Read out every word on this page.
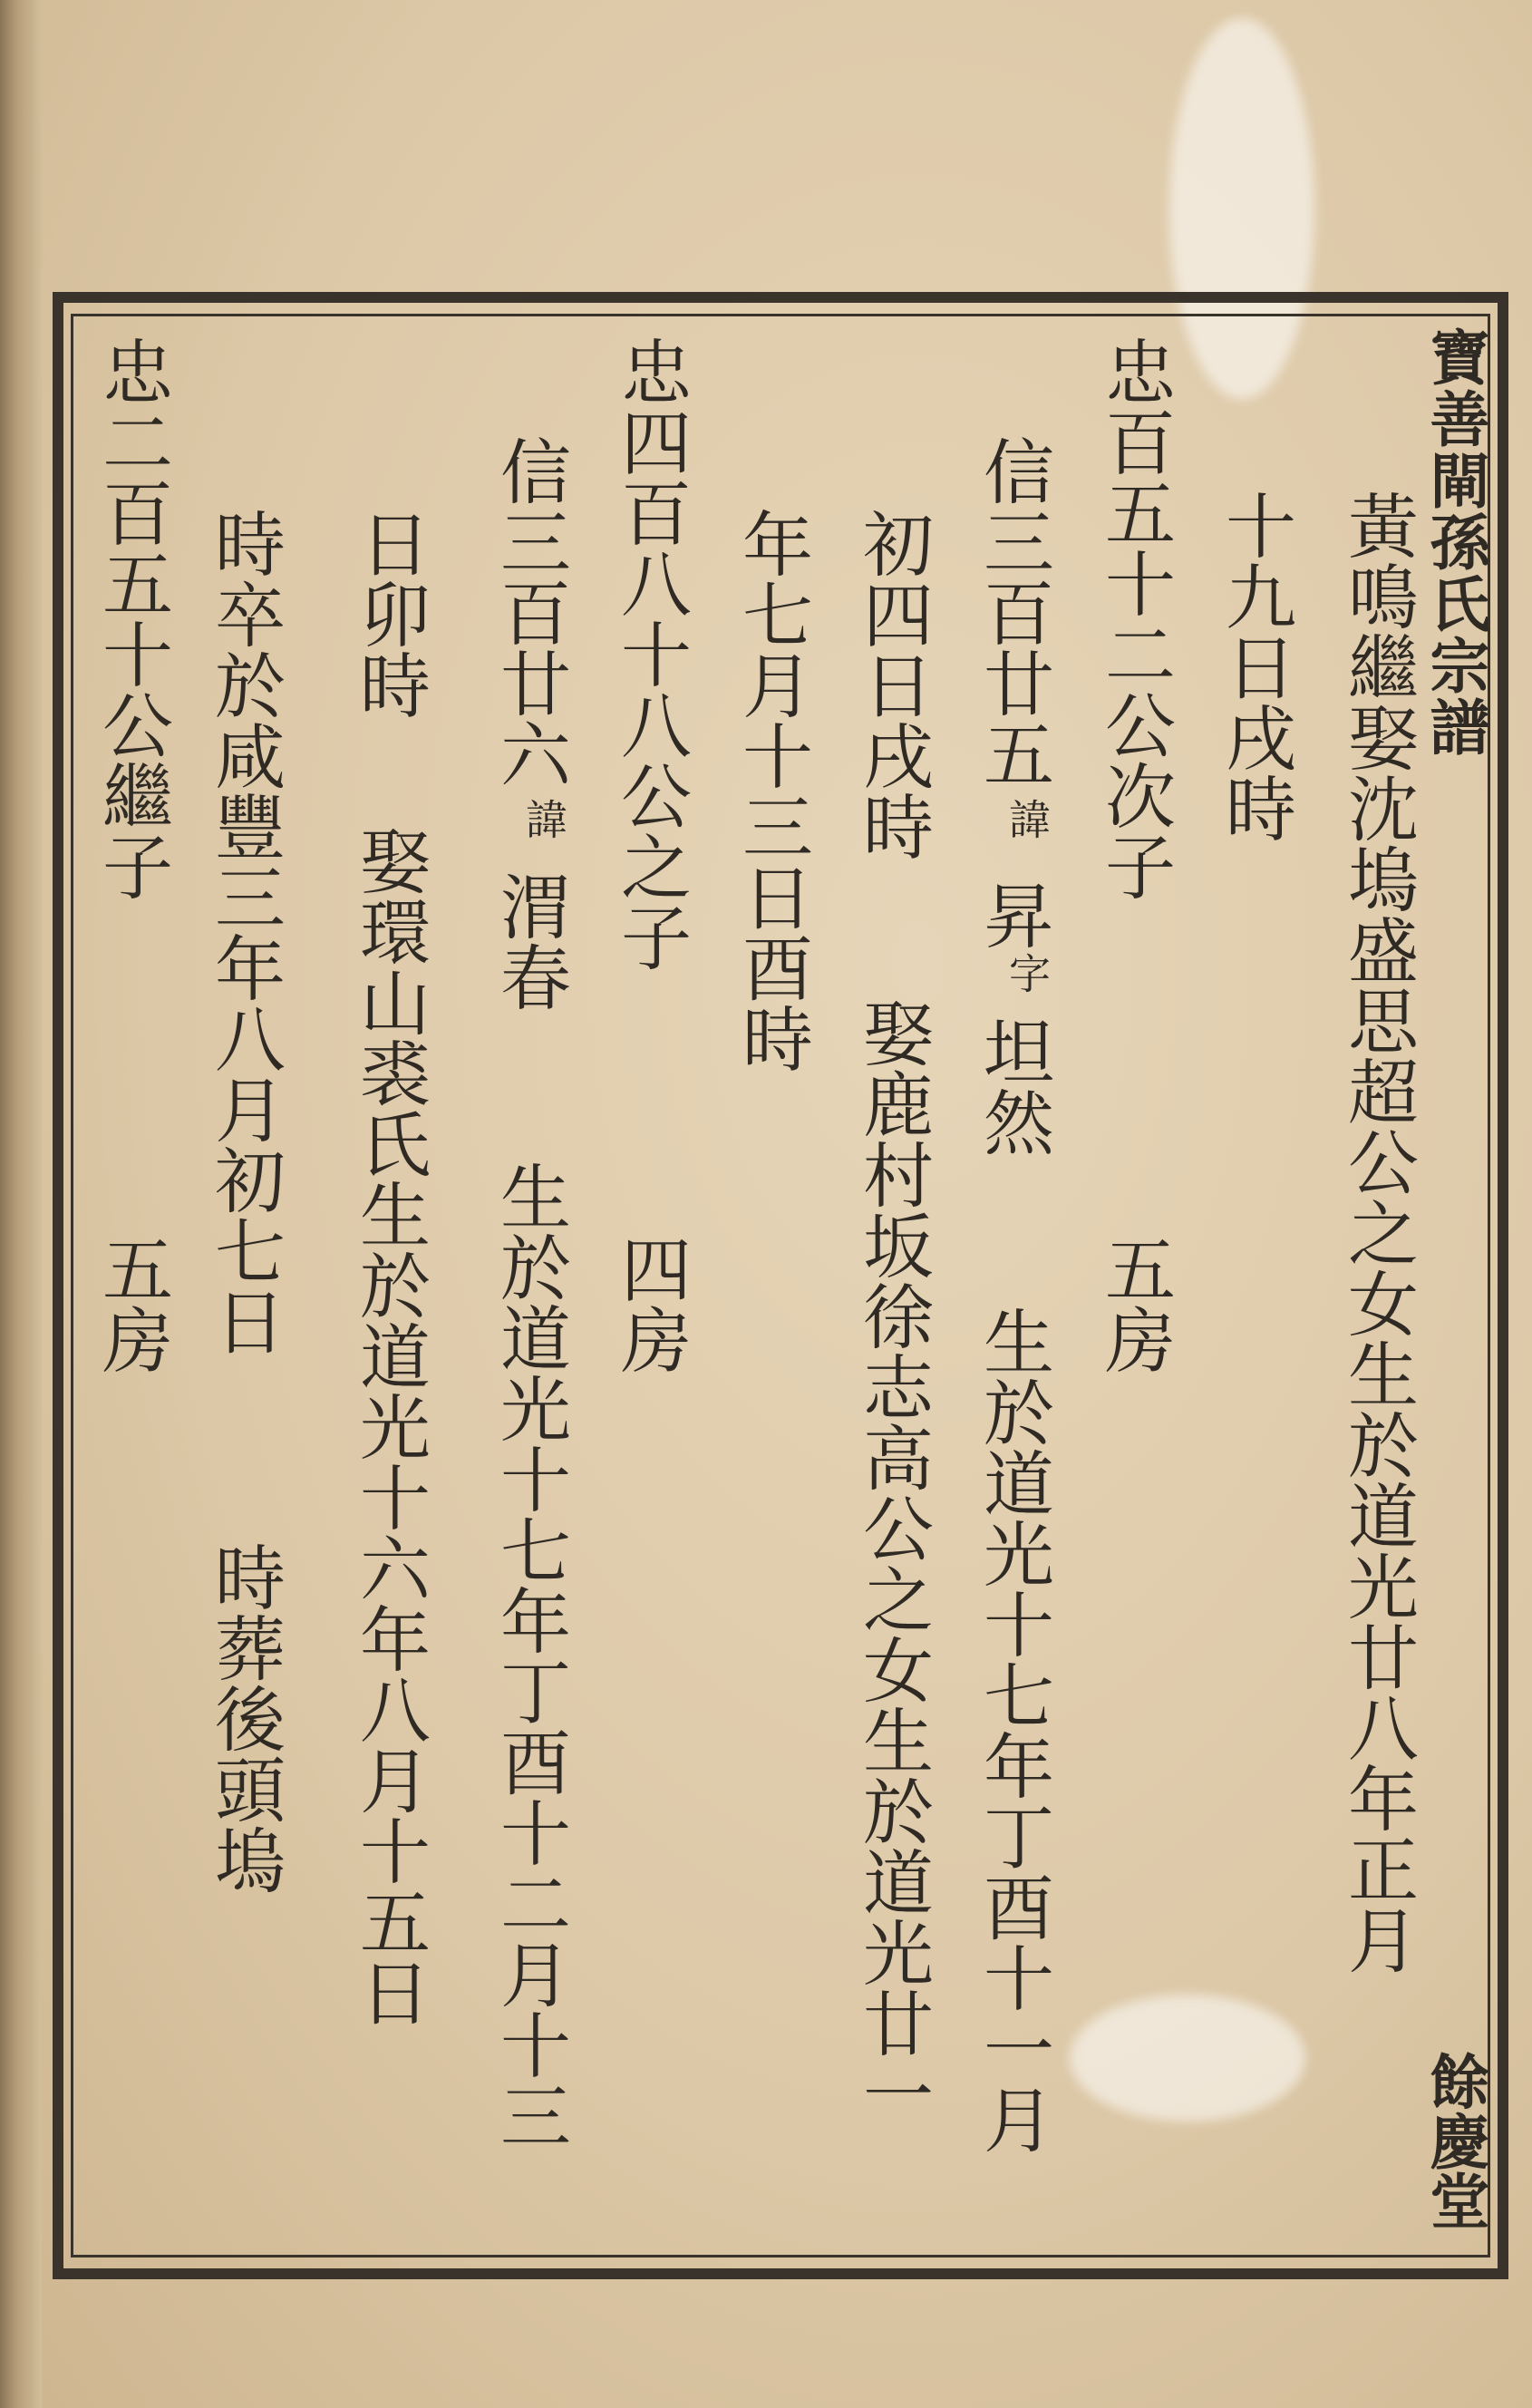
寶善閘孫氏宗譜
餘慶堂
黃鳴繼娶沈塢盛思超公之女生於道光廿八年正月
十九日戌時
忠百五十二公次子
五房
信三百廿五
諱
昇
字
坦然
生於道光十七年丁酉十一月
初四日戌時
娶鹿村坂徐志高公之女生於道光廿一
年七月十三日酉時
忠四百八十八公之子
四房
信三百廿六
諱
渭春
生於道光十七年丁酉十二月十三
日卯時
娶環山裘氏生於道光十六年八月十五日
時卒於咸豐三年八月初七日
時葬後頭塢
忠二百五十公繼子
五房
